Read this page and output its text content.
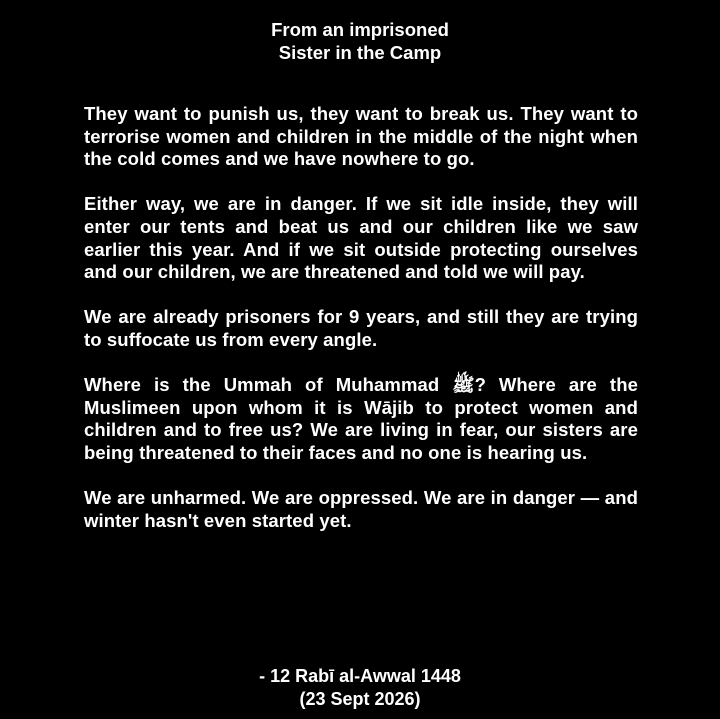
From an imprisoned
Sister in the Camp

They want to punish us, they want to break us. They want to terrorise women and children in the middle of the night when the cold comes and we have nowhere to go.

Either way, we are in danger. If we sit idle inside, they will enter our tents and beat us and our children like we saw earlier this year. And if we sit outside protecting ourselves and our children, we are threatened and told we will pay.

We are already prisoners for 9 years, and still they are trying to suffocate us from every angle.

Where is the Ummah of Muhammad ﷺ? Where are the Muslimeen upon whom it is Wājib to protect women and children and to free us? We are living in fear, our sisters are being threatened to their faces and no one is hearing us.

We are unharmed. We are oppressed. We are in danger — and winter hasn't even started yet.

- 12 Rabī al-Awwal 1448
(23 Sept 2026)
